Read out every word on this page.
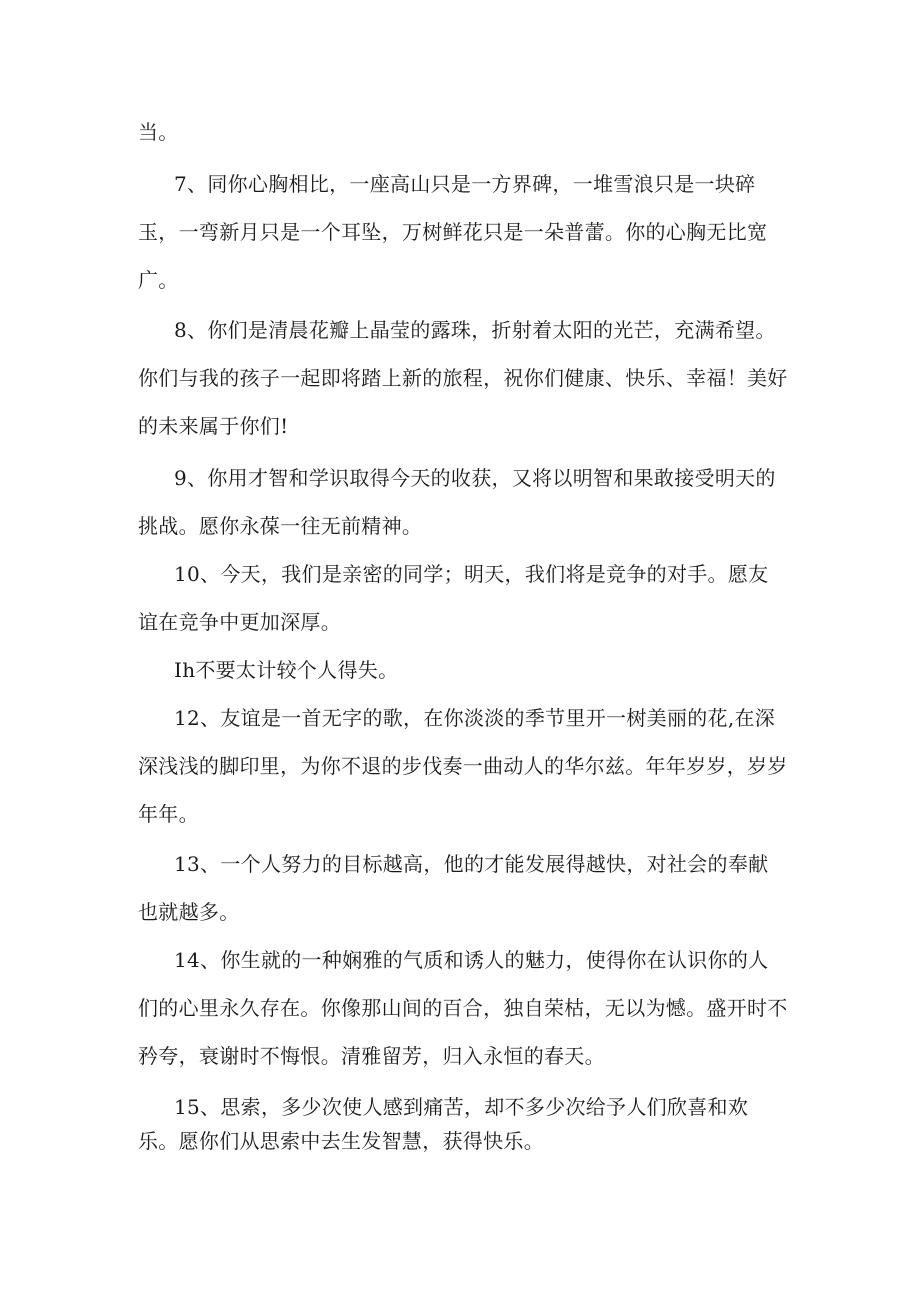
当。

7、同你心胸相比，一座高山只是一方界碑，一堆雪浪只是一块碎玉，一弯新月只是一个耳坠，万树鲜花只是一朵普蕾。你的心胸无比宽广。

8、你们是清晨花瓣上晶莹的露珠，折射着太阳的光芒，充满希望。你们与我的孩子一起即将踏上新的旅程，祝你们健康、快乐、幸福！美好的未来属于你们!

9、你用才智和学识取得今天的收获，又将以明智和果敢接受明天的挑战。愿你永葆一往无前精神。

10、今天，我们是亲密的同学；明天，我们将是竞争的对手。愿友谊在竞争中更加深厚。

Ih不要太计较个人得失。

12、友谊是一首无字的歌，在你淡淡的季节里开一树美丽的花,在深深浅浅的脚印里，为你不退的步伐奏一曲动人的华尔兹。年年岁岁，岁岁年年。

13、一个人努力的目标越高，他的才能发展得越快，对社会的奉献也就越多。

14、你生就的一种娴雅的气质和诱人的魅力，使得你在认识你的人们的心里永久存在。你像那山间的百合，独自荣枯，无以为憾。盛开时不矜夸，衰谢时不悔恨。清雅留芳，归入永恒的春天。

15、思索，多少次使人感到痛苦，却不多少次给予人们欣喜和欢乐。愿你们从思索中去生发智慧，获得快乐。
